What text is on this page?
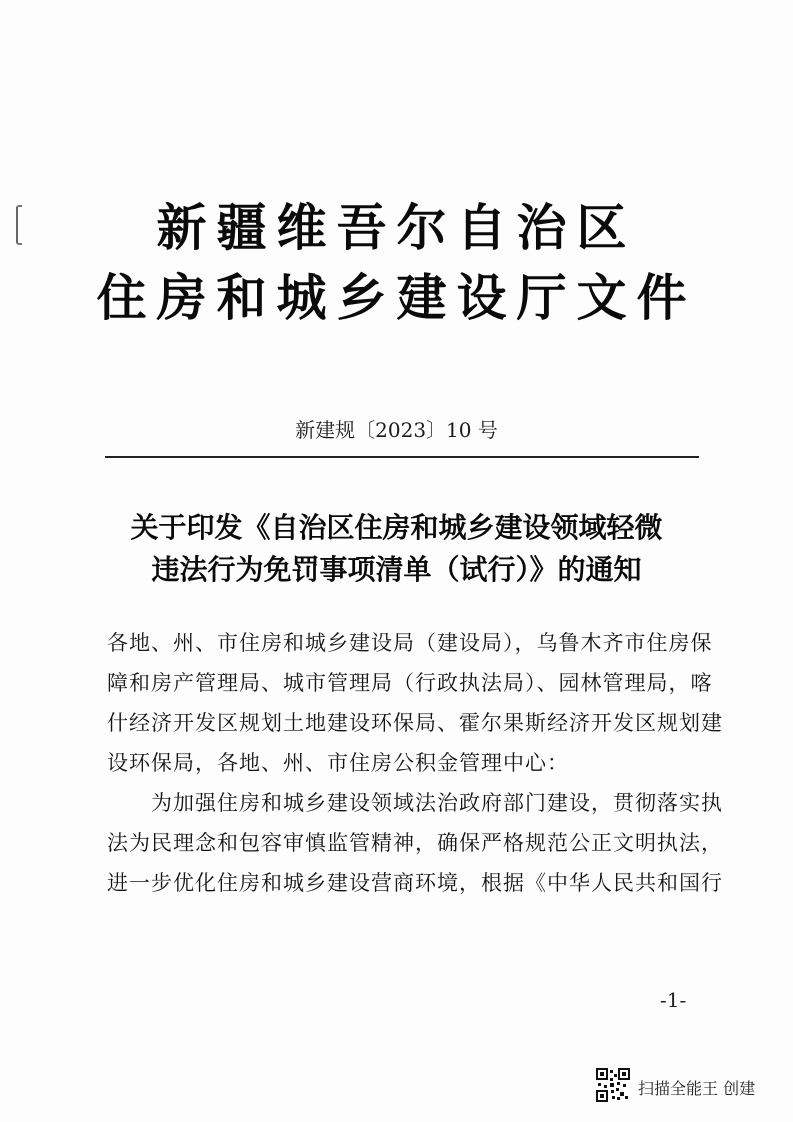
新疆维吾尔自治区
住房和城乡建设厅文件
新建规〔2023〕10 号
关于印发《自治区住房和城乡建设领域轻微
违法行为免罚事项清单（试行）》的通知
各地、州、市住房和城乡建设局（建设局），乌鲁木齐市住房保
障和房产管理局、城市管理局（行政执法局）、园林管理局，喀
什经济开发区规划土地建设环保局、霍尔果斯经济开发区规划建
设环保局，各地、州、市住房公积金管理中心：
　　为加强住房和城乡建设领域法治政府部门建设，贯彻落实执
法为民理念和包容审慎监管精神，确保严格规范公正文明执法，
进一步优化住房和城乡建设营商环境，根据《中华人民共和国行
-1-
扫描全能王 创建
